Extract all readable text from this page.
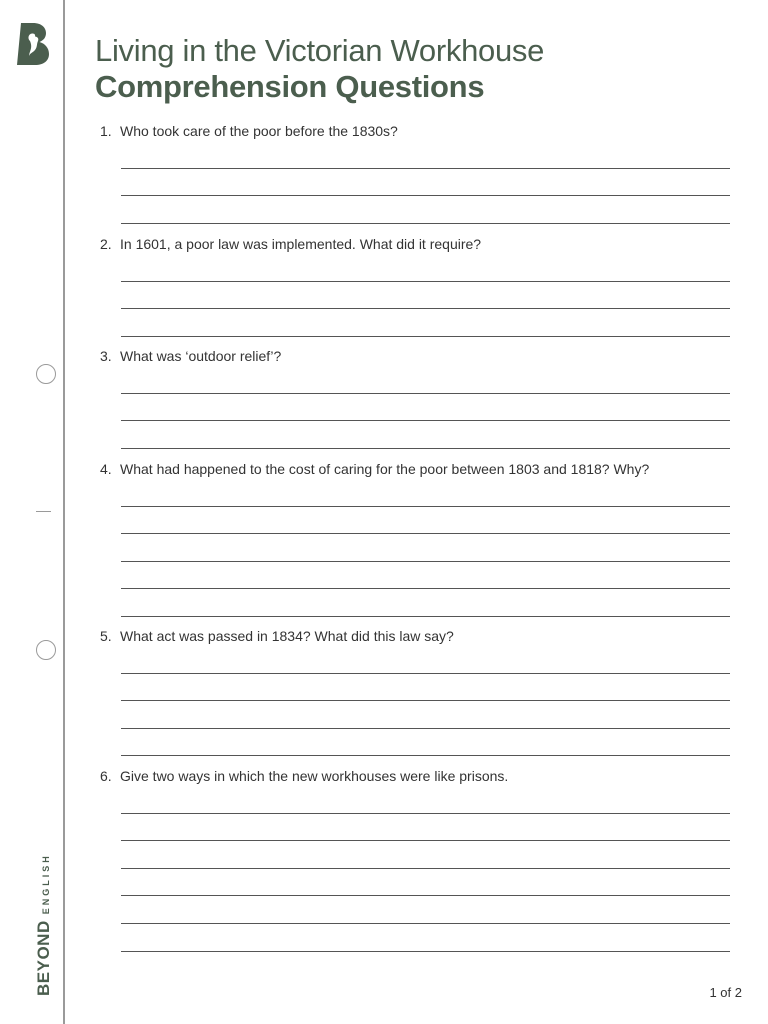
BEYOND
ENGLISH
Living in the Victorian Workhouse
Comprehension Questions
1. Who took care of the poor before the 1830s?
2. In 1601, a poor law was implemented. What did it require?
3. What was ‘outdoor relief’?
4. What had happened to the cost of caring for the poor between 1803 and 1818? Why?
5. What act was passed in 1834? What did this law say?
6. Give two ways in which the new workhouses were like prisons.
1 of 2
